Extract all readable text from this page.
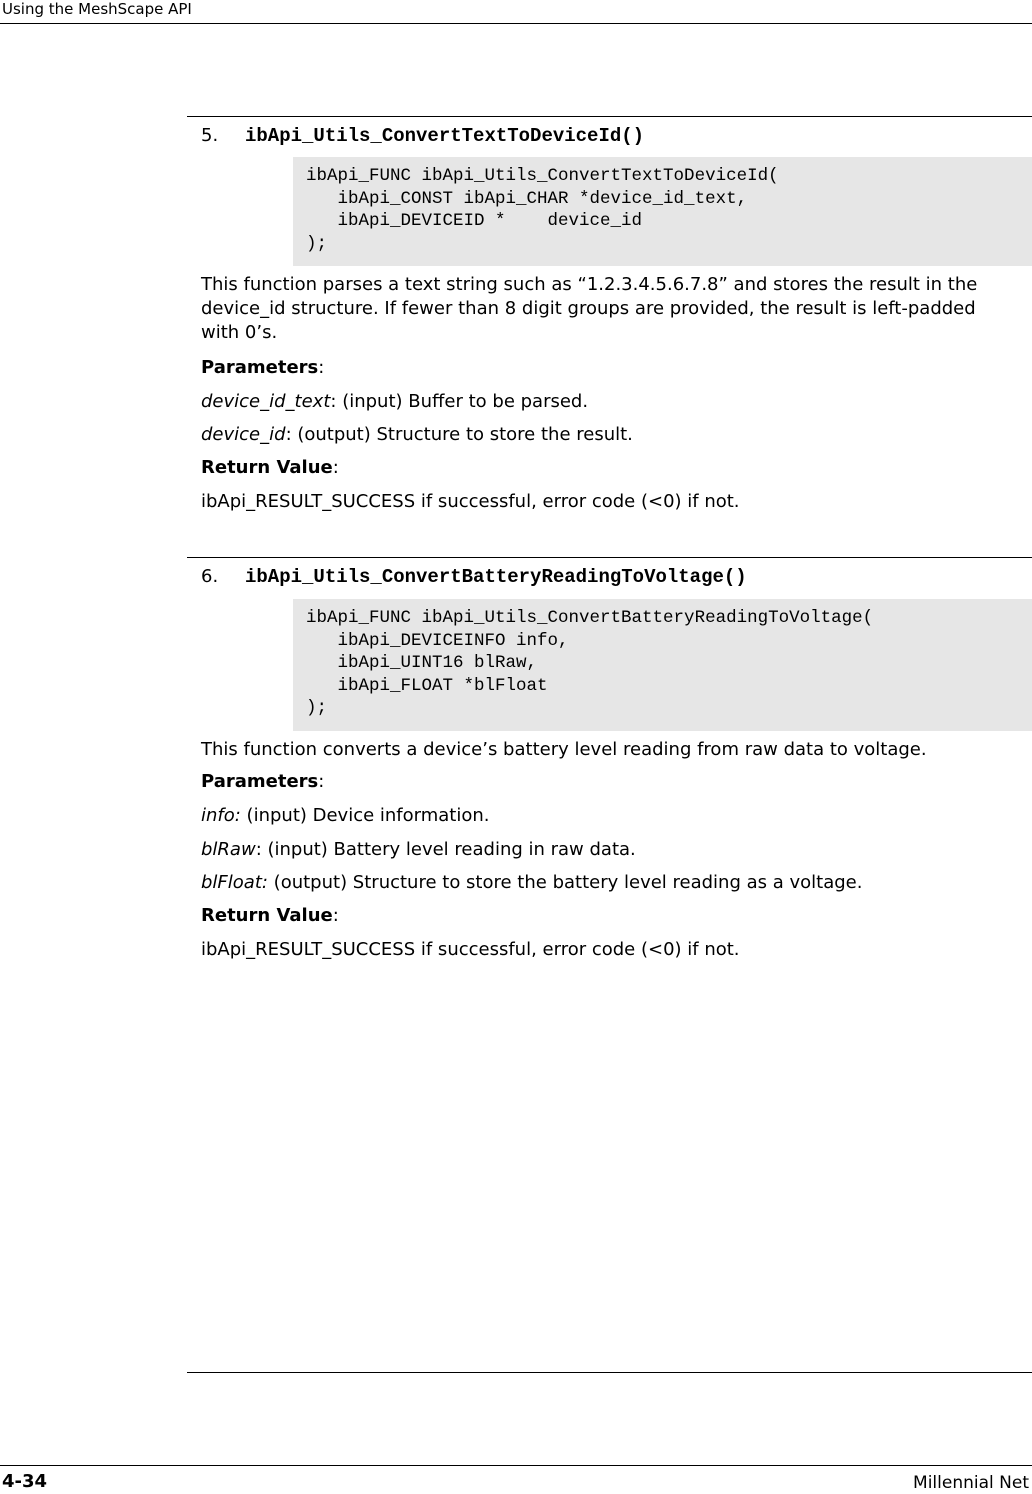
Using the MeshScape API
5. ibApi_Utils_ConvertTextToDeviceId()
ibApi_FUNC ibApi_Utils_ConvertTextToDeviceId(
ibApi_CONST ibApi_CHAR *device_id_text,
ibApi_DEVICEID *    device_id
);
This function parses a text string such as “1.2.3.4.5.6.7.8” and stores the result in the device_id structure. If fewer than 8 digit groups are provided, the result is left-padded with 0’s.
Parameters:
device_id_text: (input) Buffer to be parsed.
device_id: (output) Structure to store the result.
Return Value:
ibApi_RESULT_SUCCESS if successful, error code (<0) if not.
6. ibApi_Utils_ConvertBatteryReadingToVoltage()
ibApi_FUNC ibApi_Utils_ConvertBatteryReadingToVoltage(
ibApi_DEVICEINFO info,
ibApi_UINT16 blRaw,
ibApi_FLOAT *blFloat
);
This function converts a device’s battery level reading from raw data to voltage.
Parameters:
info: (input) Device information.
blRaw: (input) Battery level reading in raw data.
blFloat: (output) Structure to store the battery level reading as a voltage.
Return Value:
ibApi_RESULT_SUCCESS if successful, error code (<0) if not.
4-34	Millennial Net
